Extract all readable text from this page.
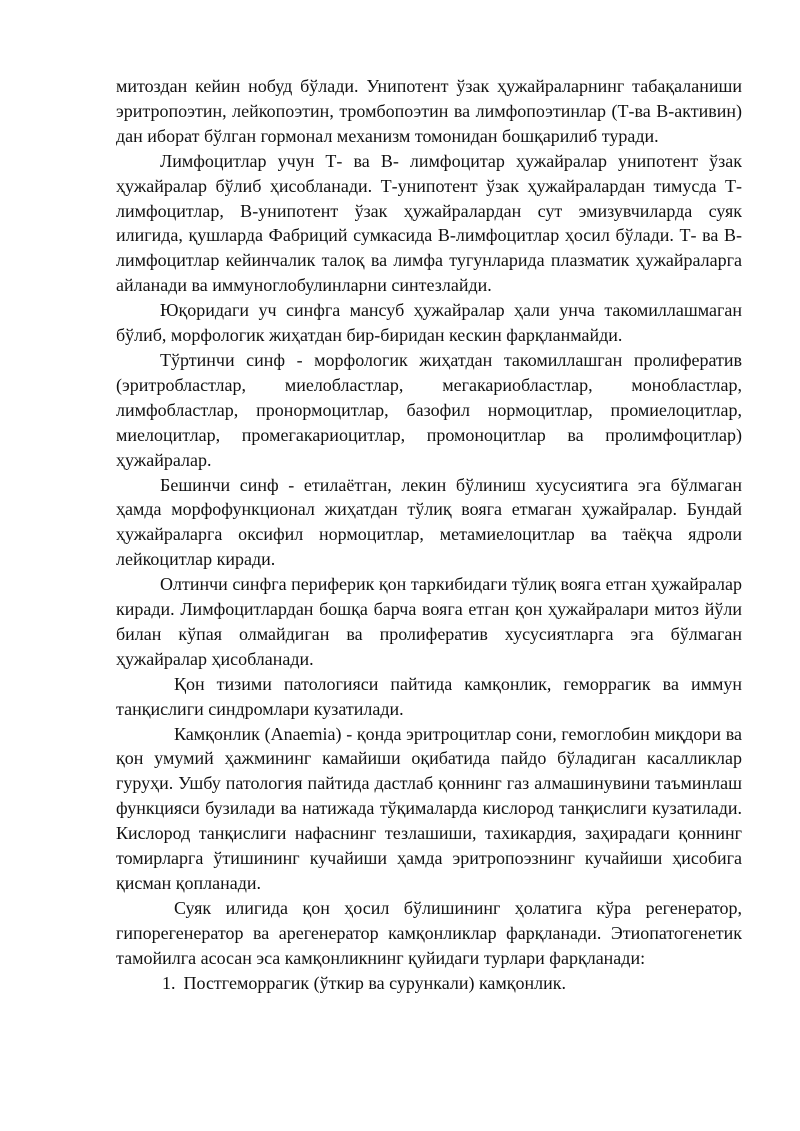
митоздан кейин нобуд бўлади. Унипотент ўзак ҳужайраларнинг табақаланиши эритропоэтин, лейкопоэтин, тромбопоэтин ва лимфопоэтинлар (Т-ва В-активин) дан иборат бўлган гормонал механизм томонидан бошқарилиб туради.

Лимфоцитлар учун Т- ва В- лимфоцитар ҳужайралар унипотент ўзак ҳужайралар бўлиб ҳисобланади. Т-унипотент ўзак ҳужайралардан тимусда Т-лимфоцитлар, В-унипотент ўзак ҳужайралардан сут эмизувчиларда суяк илигида, қушларда Фабриций сумкасида В-лимфоцитлар ҳосил бўлади. Т- ва В-лимфоцитлар кейинчалик талоқ ва лимфа тугунларида плазматик ҳужайраларга айланади ва иммуноглобулинларни синтезлайди.

Юқоридаги уч синфга мансуб ҳужайралар ҳали унча такомиллашмаган бўлиб, морфологик жиҳатдан бир-биридан кескин фарқланмайди.

Тўртинчи синф - морфологик жиҳатдан такомиллашган пролифератив (эритробластлар, миелобластлар, мегакариобластлар, монобластлар, лимфобластлар, пронормоцитлар, базофил нормоцитлар, промиелоцитлар, миелоцитлар, промегакариоцитлар, промоноцитлар ва пролимфоцитлар) ҳужайралар.

Бешинчи синф - етилаётган, лекин бўлиниш хусусиятига эга бўлмаган ҳамда морфофункционал жиҳатдан тўлиқ вояга етмаган ҳужайралар. Бундай ҳужайраларга оксифил нормоцитлар, метамиелоцитлар ва таёқча ядроли лейкоцитлар киради.

Олтинчи синфга периферик қон таркибидаги тўлиқ вояга етган ҳужайралар киради. Лимфоцитлардан бошқа барча вояга етган қон ҳужайралари митоз йўли билан кўпая олмайдиган ва пролифератив хусусиятларга эга бўлмаган ҳужайралар ҳисобланади.

Қон тизими патологияси пайтида камқонлик, геморрагик ва иммун танқислиги синдромлари кузатилади.

Камқонлик (Anaemia) - қонда эритроцитлар сони, гемоглобин миқдори ва қон умумий ҳажмининг камайиши оқибатида пайдо бўладиган касалликлар гуруҳи. Ушбу патология пайтида дастлаб қоннинг газ алмашинувини таъминлаш функцияси бузилади ва натижада тўқималарда кислород танқислиги кузатилади. Кислород танқислиги нафаснинг тезлашиши, тахикардия, заҳирадаги қоннинг томирларга ўтишининг кучайиши ҳамда эритропоэзнинг кучайиши ҳисобига қисман қопланади.

Суяк илигида қон ҳосил бўлишининг ҳолатига кўра регенератор, гипорегенератор ва арегенератор камқонликлар фарқланади. Этиопатогенетик тамойилга асосан эса камқонликнинг қуйидаги турлари фарқланади:

1. Постгеморрагик (ўткир ва сурункали) камқонлик.
